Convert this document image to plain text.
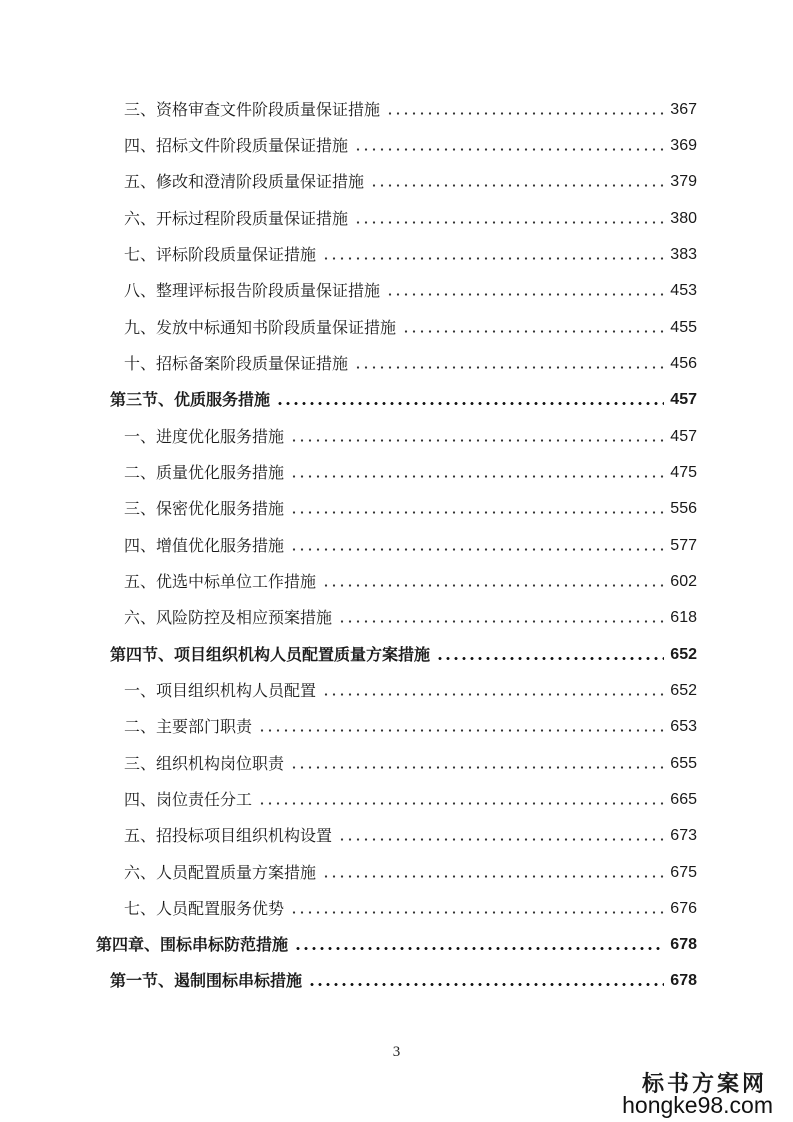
三、资格审查文件阶段质量保证措施	367
四、招标文件阶段质量保证措施	369
五、修改和澄清阶段质量保证措施	379
六、开标过程阶段质量保证措施	380
七、评标阶段质量保证措施	383
八、整理评标报告阶段质量保证措施	453
九、发放中标通知书阶段质量保证措施	455
十、招标备案阶段质量保证措施	456
第三节、优质服务措施	457
一、进度优化服务措施	457
二、质量优化服务措施	475
三、保密优化服务措施	556
四、增值优化服务措施	577
五、优选中标单位工作措施	602
六、风险防控及相应预案措施	618
第四节、项目组织机构人员配置质量方案措施	652
一、项目组织机构人员配置	652
二、主要部门职责	653
三、组织机构岗位职责	655
四、岗位责任分工	665
五、招投标项目组织机构设置	673
六、人员配置质量方案措施	675
七、人员配置服务优势	676
第四章、围标串标防范措施	678
第一节、遏制围标串标措施	678
3
标书方案网
hongke98.com
